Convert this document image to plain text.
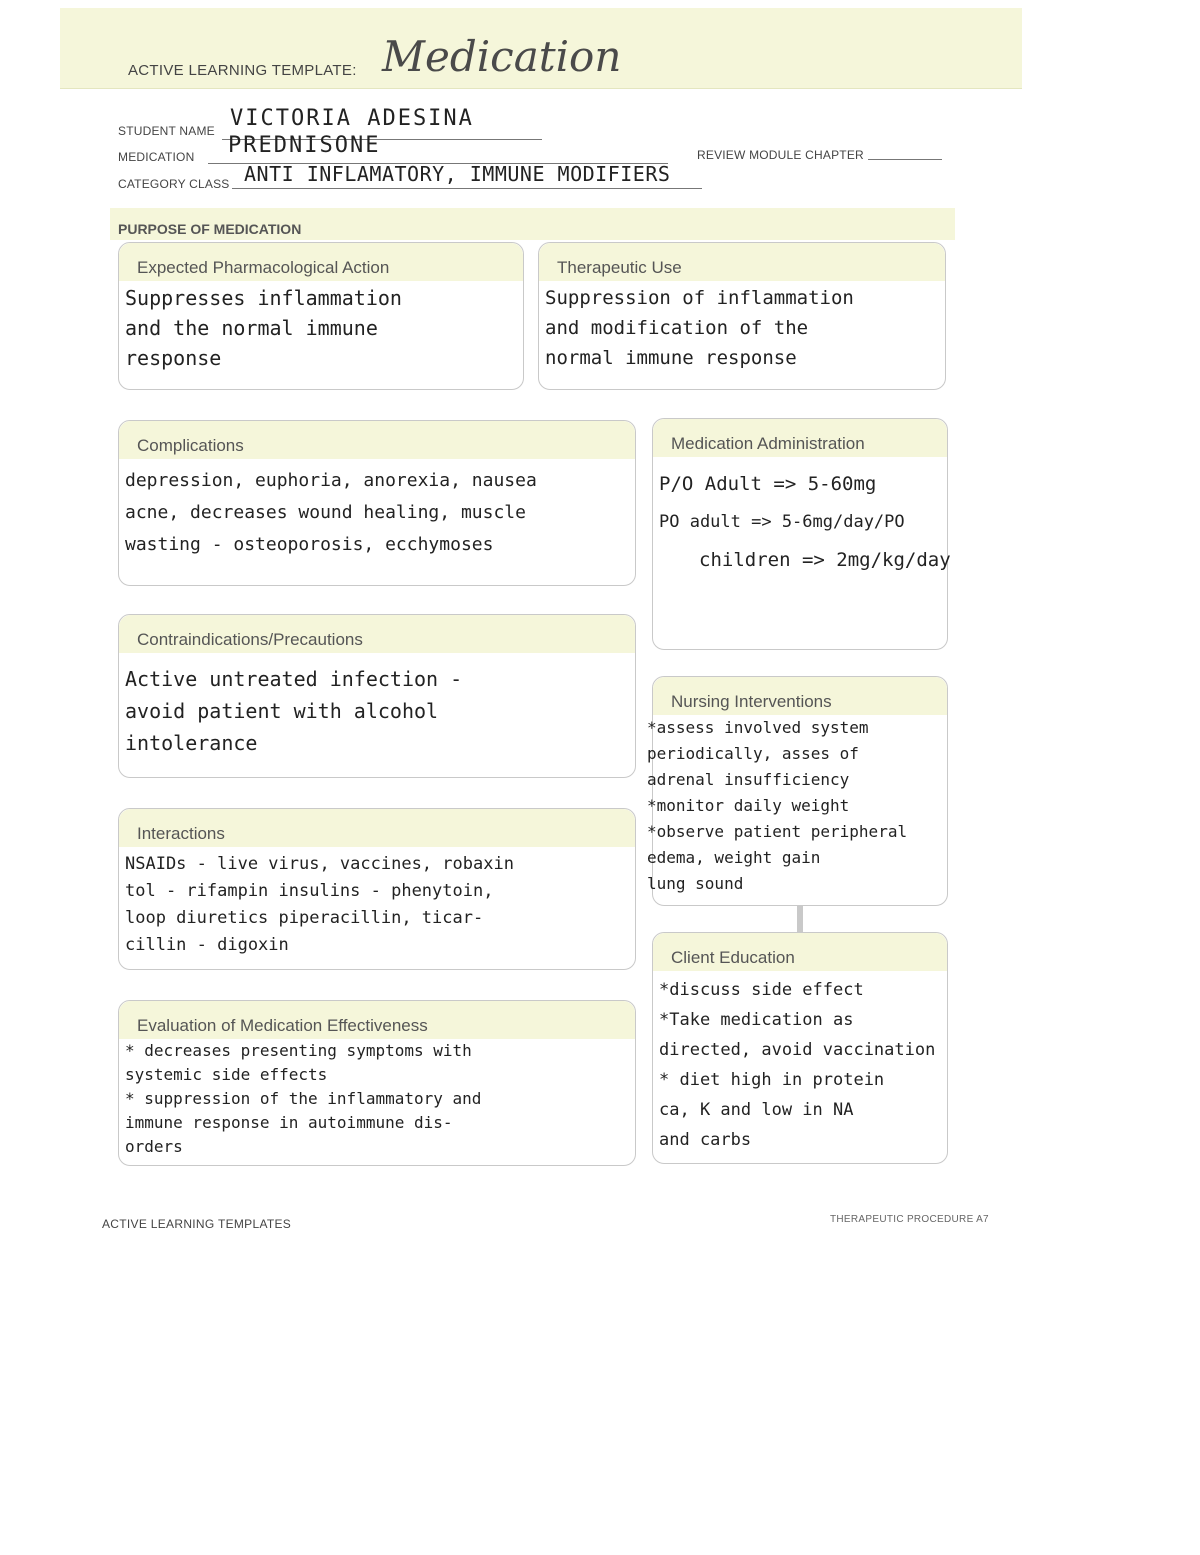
ACTIVE LEARNING TEMPLATE: Medication
STUDENT NAME VICTORIA ADESINA
MEDICATION PREDNISONE	REVIEW MODULE CHAPTER
CATEGORY CLASS ANTI INFLAMATORY, IMMUNE MODIFIERS
PURPOSE OF MEDICATION
Expected Pharmacological Action
Suppresses inflammation
and the normal immune
response
Therapeutic Use
Suppression of inflammation
and modification of the
normal immune response
Complications
depression, euphoria, anorexia, nausea
acne, decreases wound healing, muscle
wasting - osteoporosis, ecchymoses
Medication Administration
P/O Adult => 5-60mg
PO adult => 5-6mg/day/PO
children => 2mg/kg/day
Contraindications/Precautions
Active untreated infection -
avoid patient with alcohol
intolerance
Nursing Interventions
*assess involved system
periodically, asses of
adrenal insufficiency
*monitor daily weight
*observe patient peripheral
edema, weight gain
lung sound
Interactions
NSAIDs - live virus, vaccines, robaxin
tol - rifampin insulins - phenytoin,
loop diuretics piperacillin, ticar-
cillin - digoxin
Client Education
*discuss side effect
*Take medication as
directed, avoid vaccination
* diet high in protein
ca, K and low in NA
and carbs
Evaluation of Medication Effectiveness
* decreases presenting symptoms with
systemic side effects
* suppression of the inflammatory and
immune response in autoimmune dis-
orders
ACTIVE LEARNING TEMPLATES	THERAPEUTIC PROCEDURE A7
